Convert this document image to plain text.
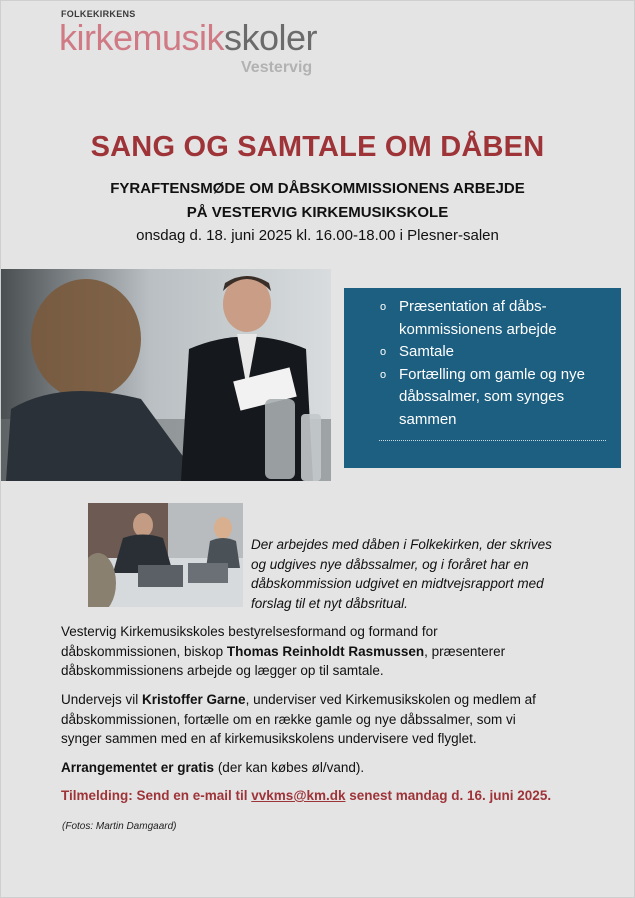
FOLKEKIRKENS
kirkemusikskoler
Vestervig
SANG OG SAMTALE OM DÅBEN
FYRAFTENSMØDE OM DÅBSKOMMISSIONENS ARBEJDE
PÅ VESTERVIG KIRKEMUSIKSKOLE
onsdag d. 18. juni 2025 kl. 16.00-18.00 i Plesner-salen
o Præsentation af dåbs-
kommissionens arbejde
o Samtale
o Fortælling om gamle og nye
dåbssalmer, som synges
sammen
Der arbejdes med dåben i Folkekirken, der skrives
og udgives nye dåbssalmer, og i foråret har en
dåbskommission udgivet en midtvejsrapport med
forslag til et nyt dåbsritual.
Vestervig Kirkemusikskoles bestyrelsesformand og formand for
dåbskommissionen, biskop Thomas Reinholdt Rasmussen, præsenterer
dåbskommissionens arbejde og lægger op til samtale.
Undervejs vil Kristoffer Garne, underviser ved Kirkemusikskolen og medlem af
dåbskommissionen, fortælle om en række gamle og nye dåbssalmer, som vi
synger sammen med en af kirkemusikskolens undervisere ved flyglet.
Arrangementet er gratis (der kan købes øl/vand).
Tilmelding: Send en e-mail til vvkms@km.dk senest mandag d. 16. juni 2025.
(Fotos: Martin Damgaard)
